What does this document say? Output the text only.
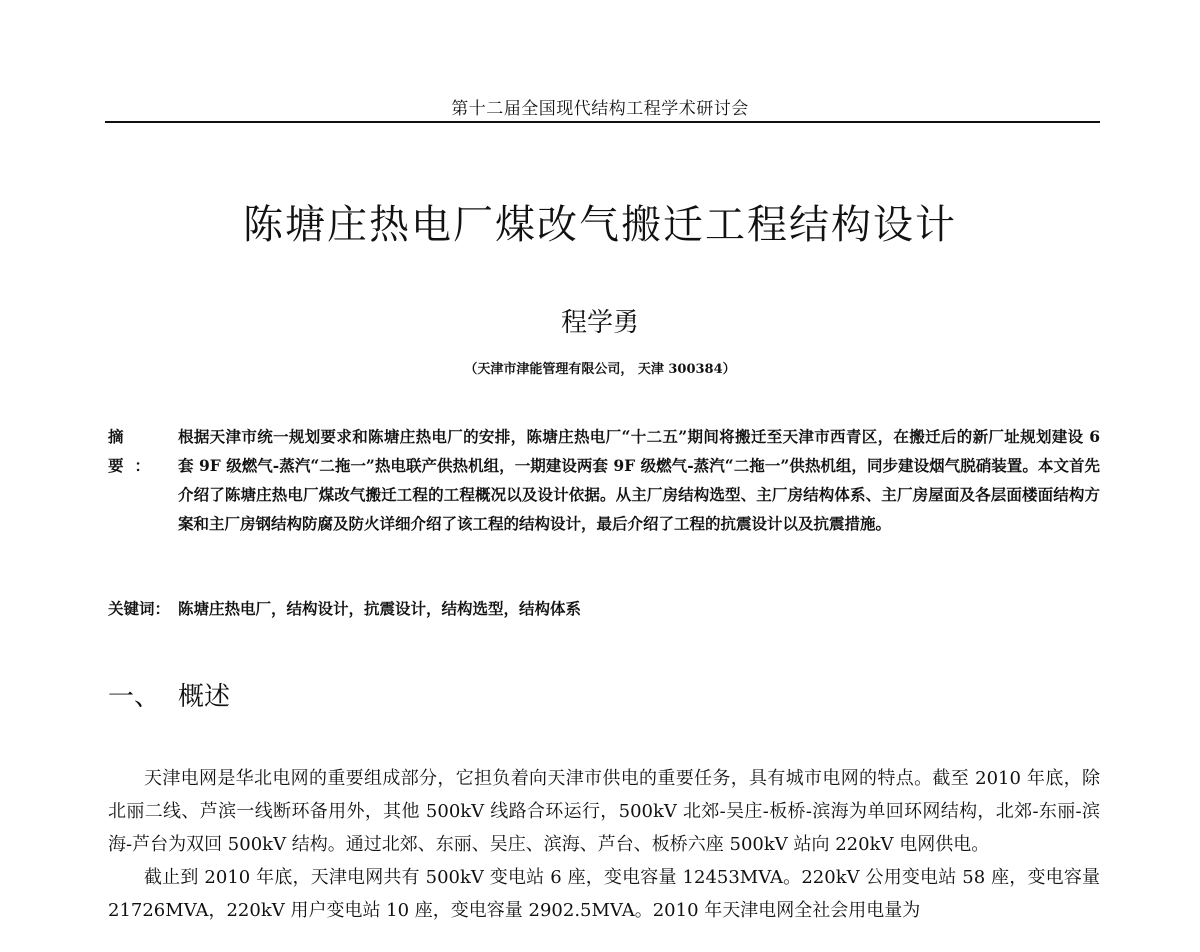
第十二届全国现代结构工程学术研讨会
陈塘庄热电厂煤改气搬迁工程结构设计
程学勇
（天津市津能管理有限公司， 天津 300384）
摘 要：
根据天津市统一规划要求和陈塘庄热电厂的安排，陈塘庄热电厂“十二五”期间将搬迁至天津市西青区，在搬迁后的新厂址规划建设 6 套 9F 级燃气-蒸汽“二拖一”热电联产供热机组，一期建设两套 9F 级燃气-蒸汽“二拖一”供热机组，同步建设烟气脱硝装置。本文首先介绍了陈塘庄热电厂煤改气搬迁工程的工程概况以及设计依据。从主厂房结构选型、主厂房结构体系、主厂房屋面及各层面楼面结构方案和主厂房钢结构防腐及防火详细介绍了该工程的结构设计，最后介绍了工程的抗震设计以及抗震措施。
关键词： 陈塘庄热电厂，结构设计，抗震设计，结构选型，结构体系
一、 概述

天津电网是华北电网的重要组成部分，它担负着向天津市供电的重要任务，具有城市电网的特点。截至 2010 年底，除北丽二线、芦滨一线断环备用外，其他 500kV 线路合环运行，500kV 北郊-吴庄-板桥-滨海为单回环网结构，北郊-东丽-滨海-芦台为双回 500kV 结构。通过北郊、东丽、吴庄、滨海、芦台、板桥六座 500kV 站向 220kV 电网供电。

截止到 2010 年底，天津电网共有 500kV 变电站 6 座，变电容量 12453MVA。220kV 公用变电站 58 座，变电容量 21726MVA，220kV 用户变电站 10 座，变电容量 2902.5MVA。2010 年天津电网全社会用电量为
